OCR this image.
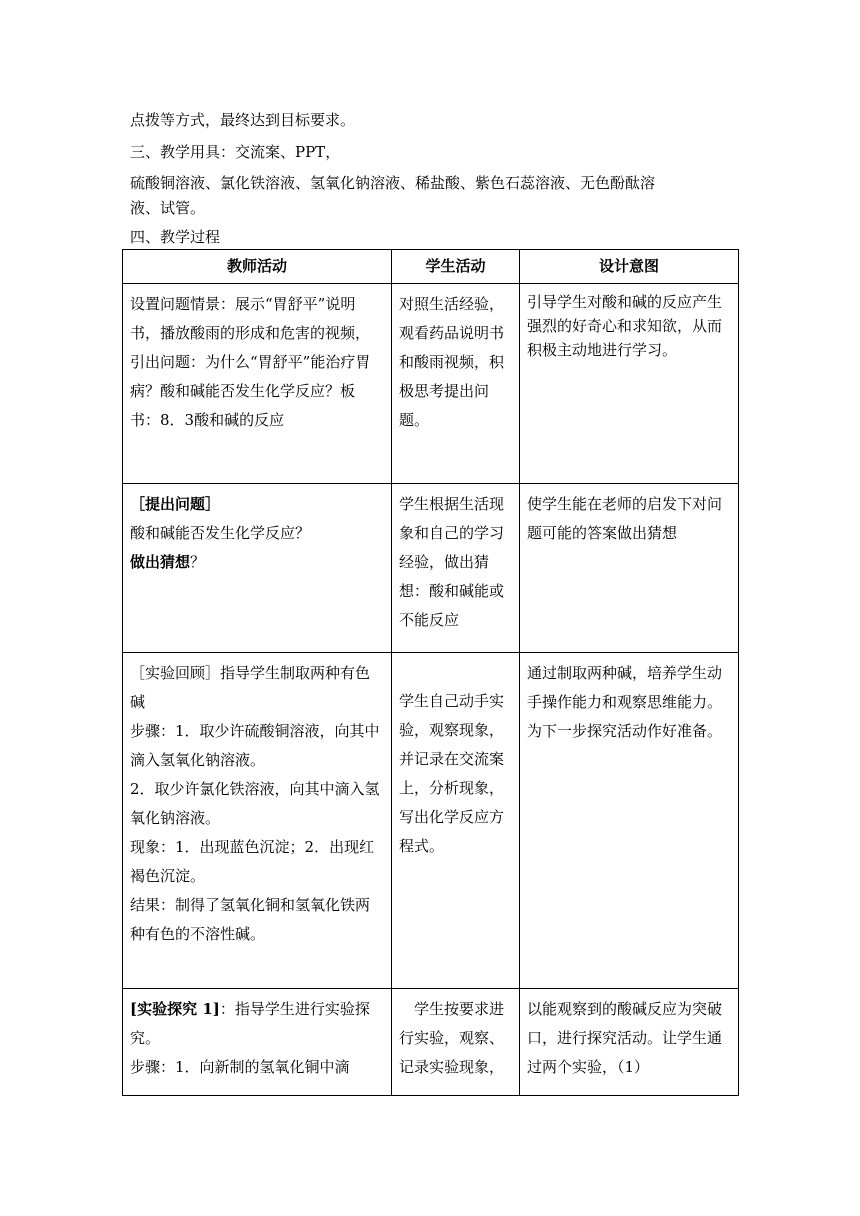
点拨等方式，最终达到目标要求。
三、教学用具：交流案、PPT，
硫酸铜溶液、氯化铁溶液、氢氧化钠溶液、稀盐酸、紫色石蕊溶液、无色酚酞溶
液、试管。
四、教学过程
教师活动	学生活动	设计意图

设置问题情景：展示“胃舒平”说明书，播放酸雨的形成和危害的视频，引出问题：为什么“胃舒平”能治疗胃病？酸和碱能否发生化学反应？板书：8．3酸和碱的反应	对照生活经验，观看药品说明书和酸雨视频，积极思考提出问题。	引导学生对酸和碱的反应产生强烈的好奇心和求知欲，从而积极主动地进行学习。

［提出问题］
酸和碱能否发生化学反应？
做出猜想？	学生根据生活现象和自己的学习经验，做出猜想：酸和碱能或不能反应	使学生能在老师的启发下对问题可能的答案做出猜想

［实验回顾］指导学生制取两种有色碱
步骤：1．取少许硫酸铜溶液，向其中滴入氢氧化钠溶液。
2．取少许氯化铁溶液，向其中滴入氢氧化钠溶液。
现象：1．出现蓝色沉淀；2．出现红褐色沉淀。
结果：制得了氢氧化铜和氢氧化铁两种有色的不溶性碱。	学生自己动手实验，观察现象，并记录在交流案上，分析现象，写出化学反应方程式。	通过制取两种碱，培养学生动手操作能力和观察思维能力。为下一步探究活动作好准备。

[实验探究 1]：指导学生进行实验探究。
步骤：1．向新制的氢氧化铜中滴	学生按要求进行实验，观察、记录实验现象，	以能观察到的酸碱反应为突破口，进行探究活动。让学生通过两个实验，（1）
